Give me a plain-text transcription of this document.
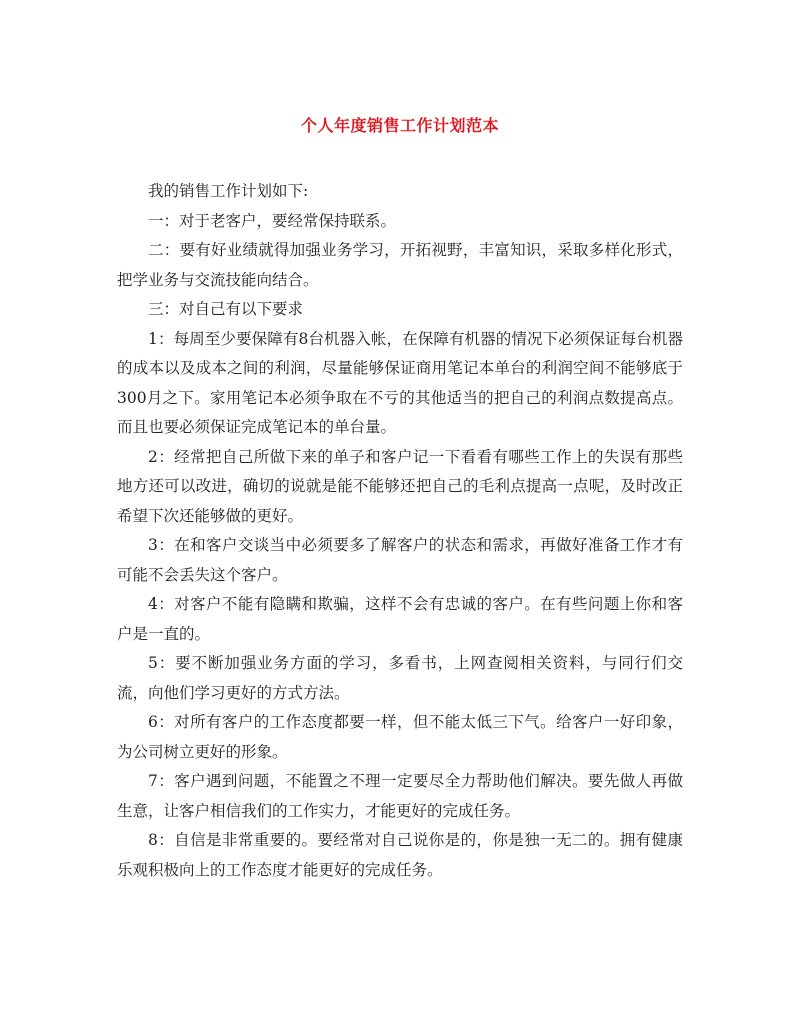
个人年度销售工作计划范本

我的销售工作计划如下:

一：对于老客户，要经常保持联系。

二：要有好业绩就得加强业务学习，开拓视野，丰富知识，采取多样化形式，把学业务与交流技能向结合。

三：对自己有以下要求

1：每周至少要保障有8台机器入帐，在保障有机器的情况下必须保证每台机器的成本以及成本之间的利润，尽量能够保证商用笔记本单台的利润空间不能够底于300月之下。家用笔记本必须争取在不亏的其他适当的把自己的利润点数提高点。而且也要必须保证完成笔记本的单台量。

2：经常把自己所做下来的单子和客户记一下看看有哪些工作上的失误有那些地方还可以改进，确切的说就是能不能够还把自己的毛利点提高一点呢，及时改正希望下次还能够做的更好。

3：在和客户交谈当中必须要多了解客户的状态和需求，再做好准备工作才有可能不会丢失这个客户。

4：对客户不能有隐瞒和欺骗，这样不会有忠诚的客户。在有些问题上你和客户是一直的。

5：要不断加强业务方面的学习，多看书，上网查阅相关资料，与同行们交流，向他们学习更好的方式方法。

6：对所有客户的工作态度都要一样，但不能太低三下气。给客户一好印象，为公司树立更好的形象。

7：客户遇到问题，不能置之不理一定要尽全力帮助他们解决。要先做人再做生意，让客户相信我们的工作实力，才能更好的完成任务。

8：自信是非常重要的。要经常对自己说你是的，你是独一无二的。拥有健康乐观积极向上的工作态度才能更好的完成任务。
